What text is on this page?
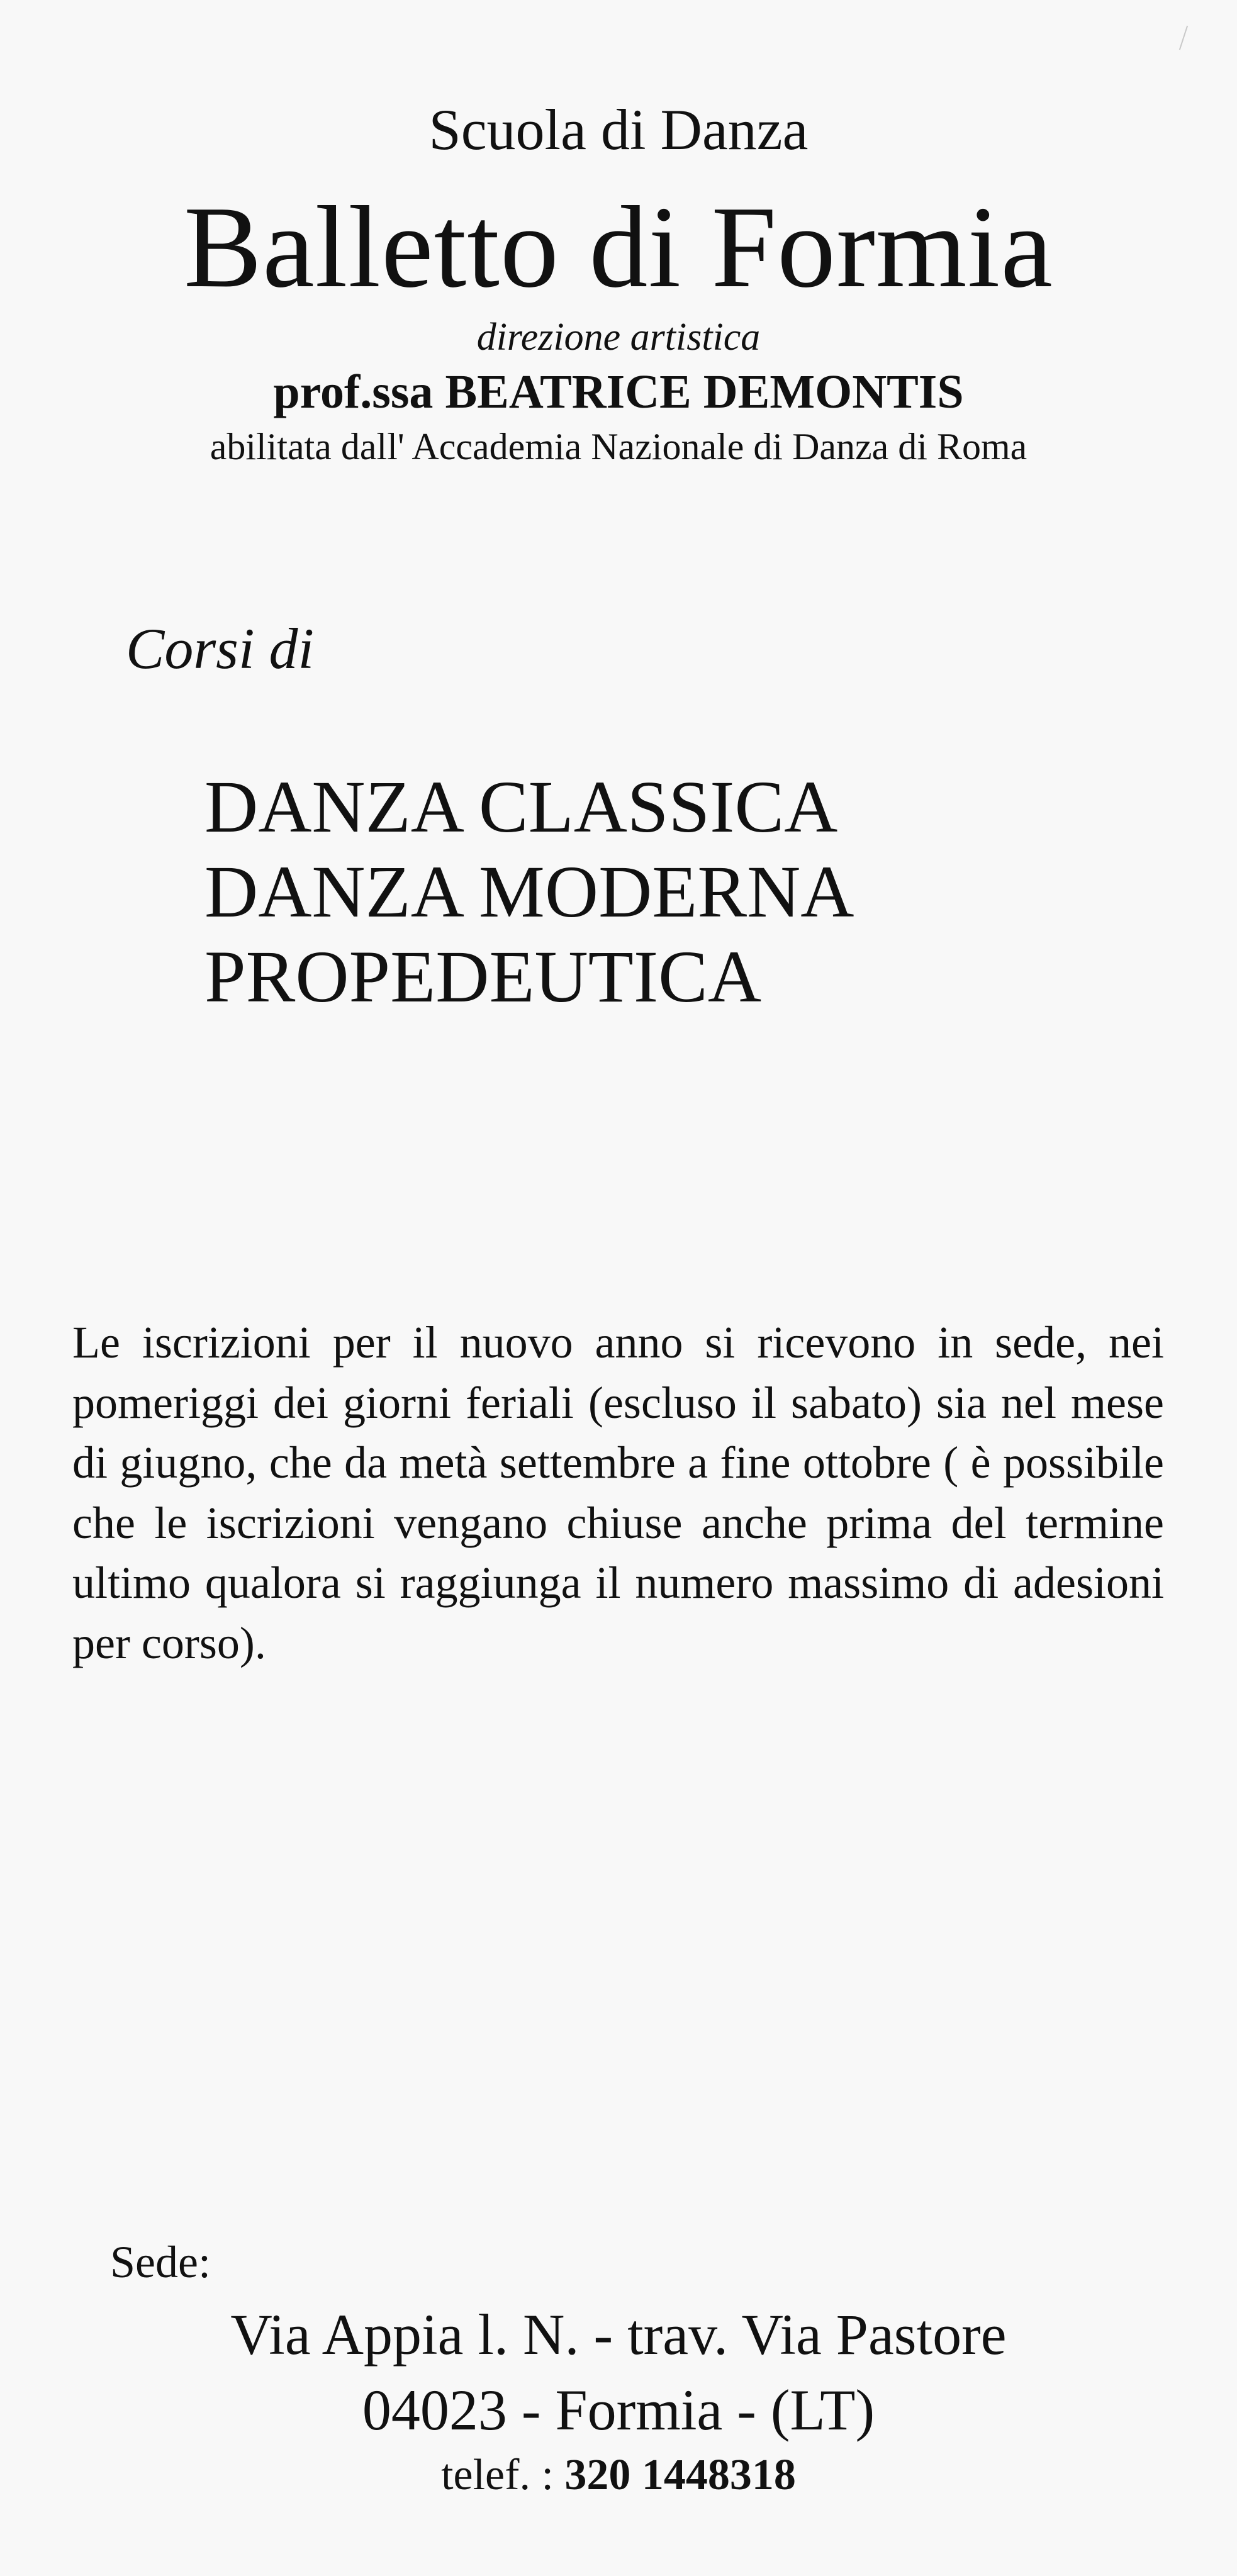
Scuola di Danza
Balletto di Formia
direzione artistica
prof.ssa BEATRICE DEMONTIS
abilitata dall' Accademia Nazionale di Danza di Roma
Corsi di
DANZA CLASSICA
DANZA MODERNA
PROPEDEUTICA

Le iscrizioni per il nuovo anno si ricevono in sede, nei pomeriggi dei giorni feriali (escluso il sabato) sia nel mese di giugno, che da metà settembre a fine ottobre ( è possibile che le iscrizioni vengano chiuse anche prima del termine ultimo qualora si raggiunga il numero massimo di adesioni per corso).

Sede:
Via Appia l. N. - trav. Via Pastore
04023 - Formia - (LT)
telef. : 320 1448318
